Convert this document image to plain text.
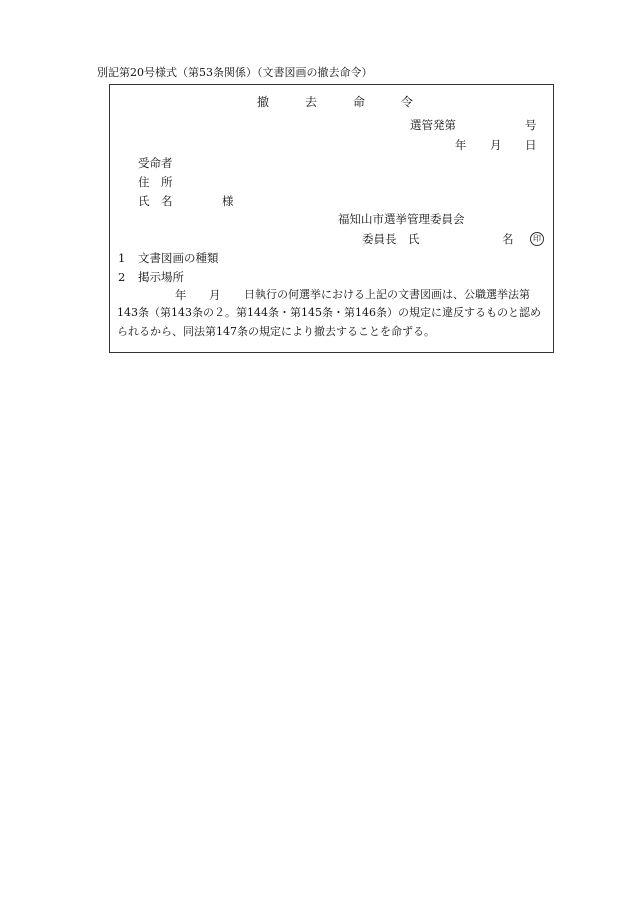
別記第20号様式（第53条関係）（文書図画の撤去命令）
撤	去	命	令
選管発第	号
年 月 日
受命者
住　所
氏　名	様
福知山市選挙管理委員会
委員長　氏	名	印
1 文書図画の種類
2 掲示場所
年 月 日執行の何選挙における上記の文書図画は、公職選挙法第
143条（第143条の２。第144条・第145条・第146条）の規定に違反するものと認め
られるから、同法第147条の規定により撤去することを命ずる。
